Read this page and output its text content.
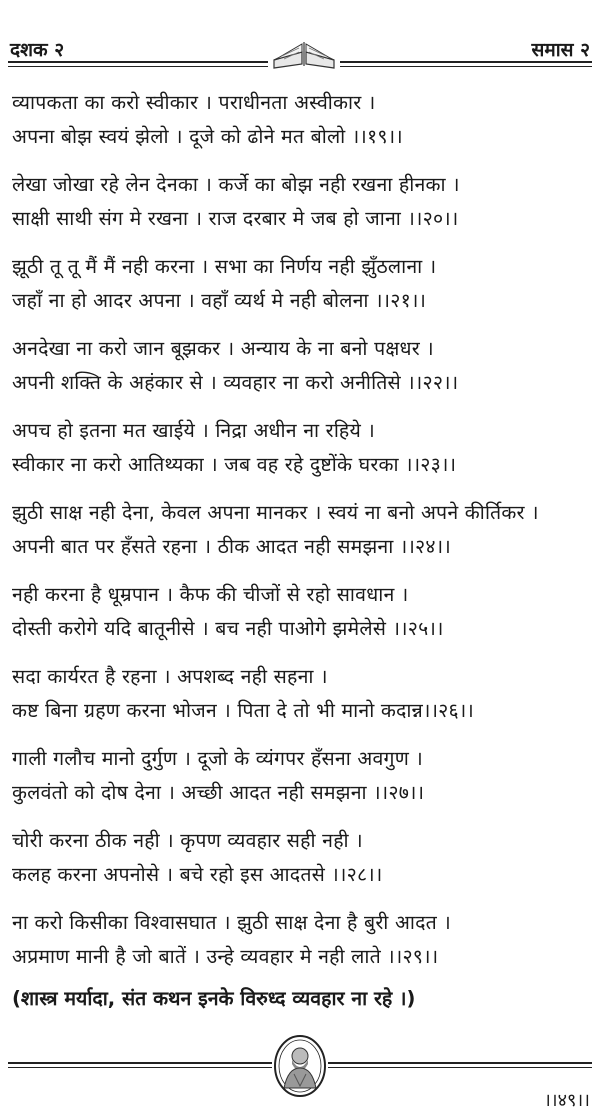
दशक २	समास २
व्यापकता का करो स्वीकार । पराधीनता अस्वीकार ।
अपना बोझ स्वयं झेलो । दूजे को ढोने मत बोलो ।।१९।।
लेखा जोखा रहे लेन देनका । कर्जे का बोझ नही रखना हीनका ।
साक्षी साथी संग मे रखना । राज दरबार मे जब हो जाना ।।२०।।
झूठी तू तू मैं मैं नही करना । सभा का निर्णय नही झुँठलाना ।
जहाँ ना हो आदर अपना । वहाँ व्यर्थ मे नही बोलना ।।२१।।
अनदेखा ना करो जान बूझकर । अन्याय के ना बनो पक्षधर ।
अपनी शक्ति के अहंकार से । व्यवहार ना करो अनीतिसे ।।२२।।
अपच हो इतना मत खाईये । निद्रा अधीन ना रहिये ।
स्वीकार ना करो आतिथ्यका । जब वह रहे दुष्टोंके घरका ।।२३।।
झुठी साक्ष नही देना, केवल अपना मानकर । स्वयं ना बनो अपने कीर्तिकर ।
अपनी बात पर हँसते रहना । ठीक आदत नही समझना ।।२४।।
नही करना है धूम्रपान । कैफ की चीजों से रहो सावधान ।
दोस्ती करोगे यदि बातूनीसे । बच नही पाओगे झमेलेसे ।।२५।।
सदा कार्यरत है रहना । अपशब्द नही सहना ।
कष्ट बिना ग्रहण करना भोजन । पिता दे तो भी मानो कदान्न।।२६।।
गाली गलौच मानो दुर्गुण । दूजो के व्यंगपर हँसना अवगुण ।
कुलवंतो को दोष देना । अच्छी आदत नही समझना ।।२७।।
चोरी करना ठीक नही । कृपण व्यवहार सही नही ।
कलह करना अपनोसे । बचे रहो इस आदतसे ।।२८।।
ना करो किसीका विश्वासघात । झुठी साक्ष देना है बुरी आदत ।
अप्रमाण मानी है जो बातें । उन्हे व्यवहार मे नही लाते ।।२९।।
(शास्त्र मर्यादा, संत कथन इनके विरुध्द व्यवहार ना रहे ।)
।।४९।।
